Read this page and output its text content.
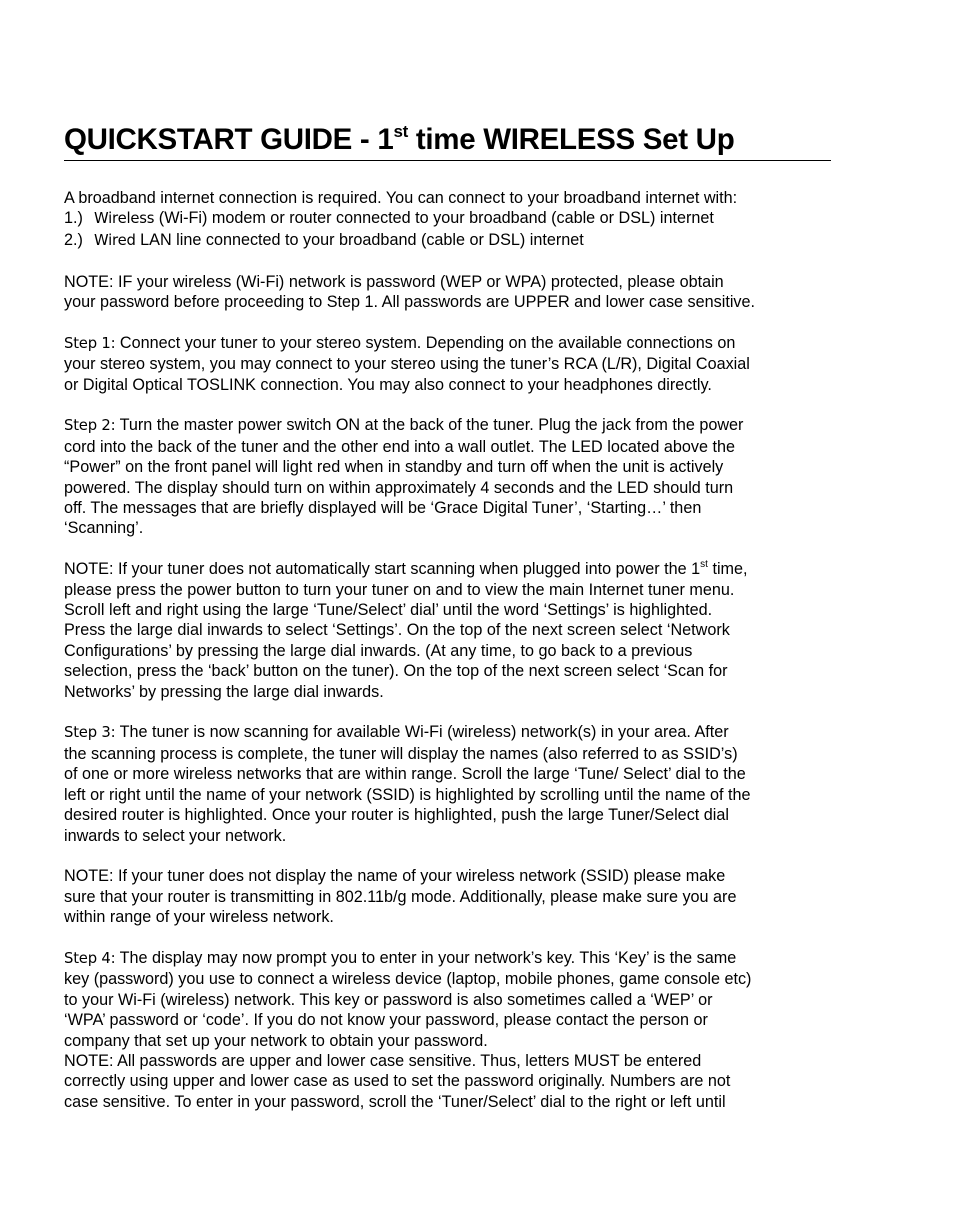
QUICKSTART GUIDE - 1st time WIRELESS Set Up
A broadband internet connection is required. You can connect to your broadband internet with:
1.) Wireless (Wi-Fi) modem or router connected to your broadband (cable or DSL) internet
2.) Wired LAN line connected to your broadband (cable or DSL) internet
NOTE: IF your wireless (Wi-Fi) network is password (WEP or WPA) protected, please obtain
your password before proceeding to Step 1. All passwords are UPPER and lower case sensitive.
Step 1: Connect your tuner to your stereo system. Depending on the available connections on
your stereo system, you may connect to your stereo using the tuner’s RCA (L/R), Digital Coaxial
or Digital Optical TOSLINK connection. You may also connect to your headphones directly.
Step 2: Turn the master power switch ON at the back of the tuner. Plug the jack from the power
cord into the back of the tuner and the other end into a wall outlet. The LED located above the
“Power” on the front panel will light red when in standby and turn off when the unit is actively
powered. The display should turn on within approximately 4 seconds and the LED should turn
off. The messages that are briefly displayed will be ‘Grace Digital Tuner’, ‘Starting…’ then
‘Scanning’.
NOTE: If your tuner does not automatically start scanning when plugged into power the 1st time,
please press the power button to turn your tuner on and to view the main Internet tuner menu.
Scroll left and right using the large ‘Tune/Select’ dial’ until the word ‘Settings’ is highlighted.
Press the large dial inwards to select ‘Settings’. On the top of the next screen select ‘Network
Configurations’ by pressing the large dial inwards. (At any time, to go back to a previous
selection, press the ‘back’ button on the tuner). On the top of the next screen select ‘Scan for
Networks’ by pressing the large dial inwards.
Step 3: The tuner is now scanning for available Wi-Fi (wireless) network(s) in your area. After
the scanning process is complete, the tuner will display the names (also referred to as SSID’s)
of one or more wireless networks that are within range. Scroll the large ‘Tune/ Select’ dial to the
left or right until the name of your network (SSID) is highlighted by scrolling until the name of the
desired router is highlighted. Once your router is highlighted, push the large Tuner/Select dial
inwards to select your network.
NOTE: If your tuner does not display the name of your wireless network (SSID) please make
sure that your router is transmitting in 802.11b/g mode. Additionally, please make sure you are
within range of your wireless network.
Step 4: The display may now prompt you to enter in your network’s key. This ‘Key’ is the same
key (password) you use to connect a wireless device (laptop, mobile phones, game console etc)
to your Wi-Fi (wireless) network. This key or password is also sometimes called a ‘WEP’ or
‘WPA’ password or ‘code’. If you do not know your password, please contact the person or
company that set up your network to obtain your password.
NOTE: All passwords are upper and lower case sensitive. Thus, letters MUST be entered
correctly using upper and lower case as used to set the password originally. Numbers are not
case sensitive. To enter in your password, scroll the ‘Tuner/Select’ dial to the right or left until
